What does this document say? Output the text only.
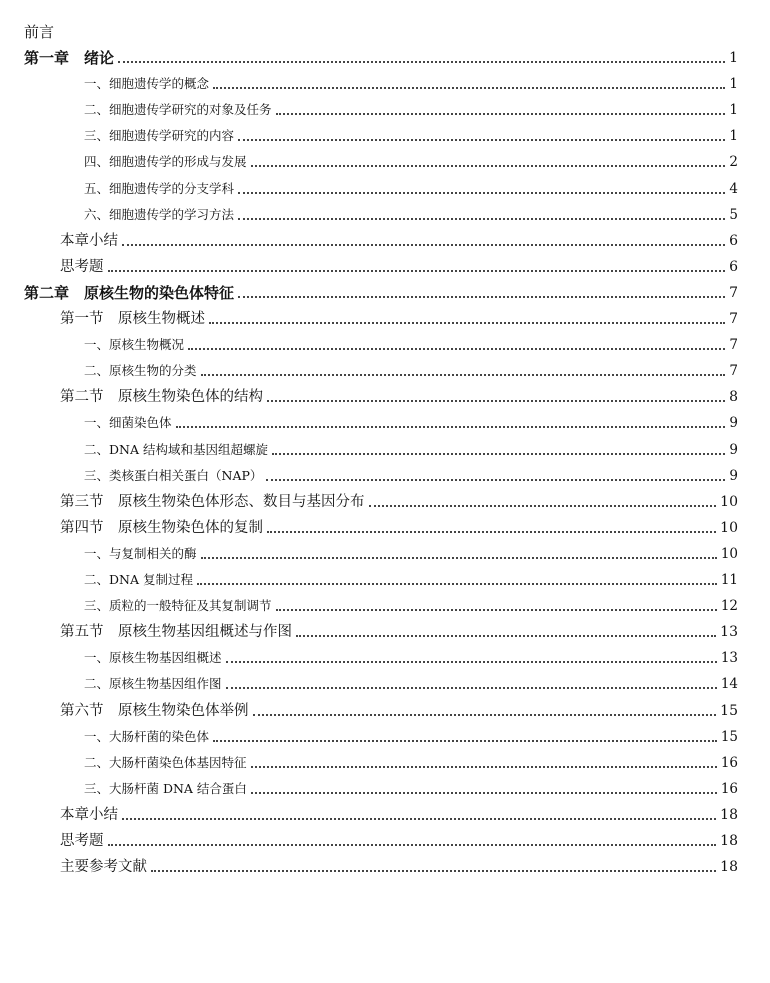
前言
第一章　绪论	1
一、细胞遗传学的概念	1
二、细胞遗传学研究的对象及任务	1
三、细胞遗传学研究的内容	1
四、细胞遗传学的形成与发展	2
五、细胞遗传学的分支学科	4
六、细胞遗传学的学习方法	5
本章小结	6
思考题	6
第二章　原核生物的染色体特征	7
第一节　原核生物概述	7
一、原核生物概况	7
二、原核生物的分类	7
第二节　原核生物染色体的结构	8
一、细菌染色体	9
二、DNA 结构域和基因组超螺旋	9
三、类核蛋白相关蛋白（NAP）	9
第三节　原核生物染色体形态、数目与基因分布	10
第四节　原核生物染色体的复制	10
一、与复制相关的酶	10
二、DNA 复制过程	11
三、质粒的一般特征及其复制调节	12
第五节　原核生物基因组概述与作图	13
一、原核生物基因组概述	13
二、原核生物基因组作图	14
第六节　原核生物染色体举例	15
一、大肠杆菌的染色体	15
二、大肠杆菌染色体基因特征	16
三、大肠杆菌 DNA 结合蛋白	16
本章小结	18
思考题	18
主要参考文献	18
